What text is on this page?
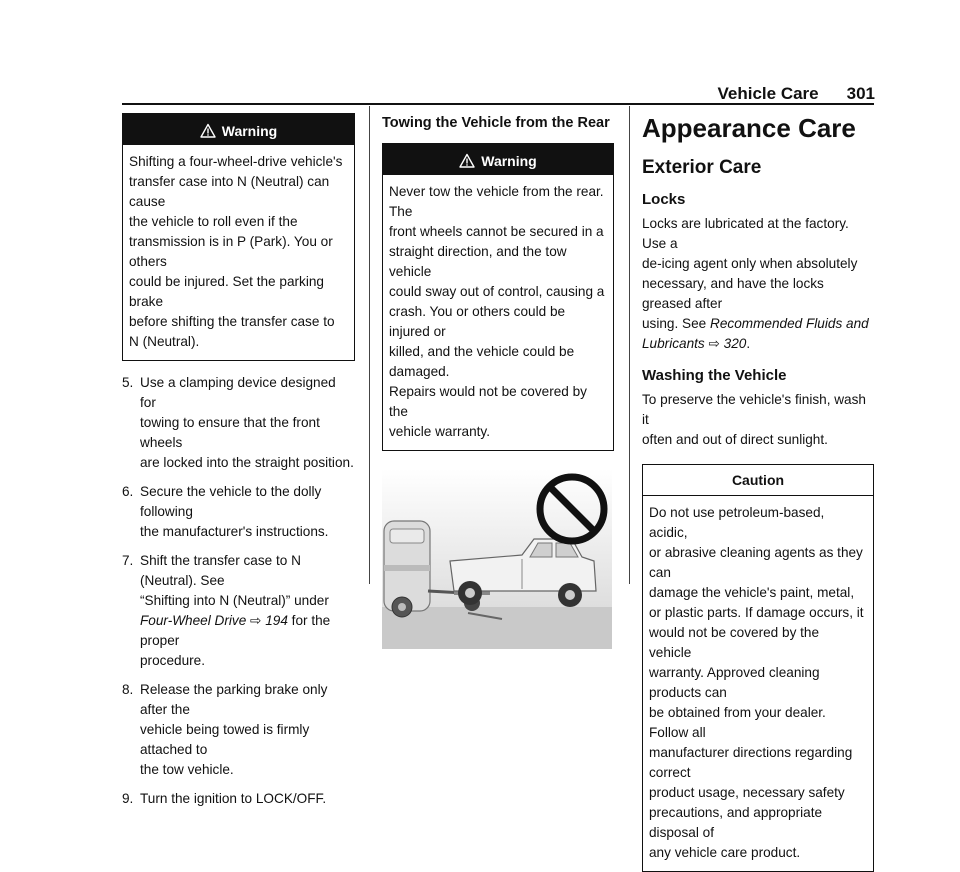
Vehicle Care 301
Warning
Shifting a four-wheel-drive vehicle's
transfer case into N (Neutral) can cause
the vehicle to roll even if the
transmission is in P (Park). You or others
could be injured. Set the parking brake
before shifting the transfer case to
N (Neutral).
5. Use a clamping device designed for
towing to ensure that the front wheels
are locked into the straight position.
6. Secure the vehicle to the dolly following
the manufacturer's instructions.
7. Shift the transfer case to N (Neutral). See
“Shifting into N (Neutral)” under
Four-Wheel Drive ⇨ 194 for the proper
procedure.
8. Release the parking brake only after the
vehicle being towed is firmly attached to
the tow vehicle.
9. Turn the ignition to LOCK/OFF.
Towing the Vehicle from the Rear
Warning
Never tow the vehicle from the rear. The
front wheels cannot be secured in a
straight direction, and the tow vehicle
could sway out of control, causing a
crash. You or others could be injured or
killed, and the vehicle could be damaged.
Repairs would not be covered by the
vehicle warranty.
Appearance Care
Exterior Care
Locks
Locks are lubricated at the factory. Use a
de-icing agent only when absolutely
necessary, and have the locks greased after
using. See Recommended Fluids and
Lubricants ⇨ 320.
Washing the Vehicle
To preserve the vehicle's finish, wash it
often and out of direct sunlight.
Caution
Do not use petroleum-based, acidic,
or abrasive cleaning agents as they can
damage the vehicle's paint, metal,
or plastic parts. If damage occurs, it
would not be covered by the vehicle
warranty. Approved cleaning products can
be obtained from your dealer. Follow all
manufacturer directions regarding correct
product usage, necessary safety
precautions, and appropriate disposal of
any vehicle care product.
